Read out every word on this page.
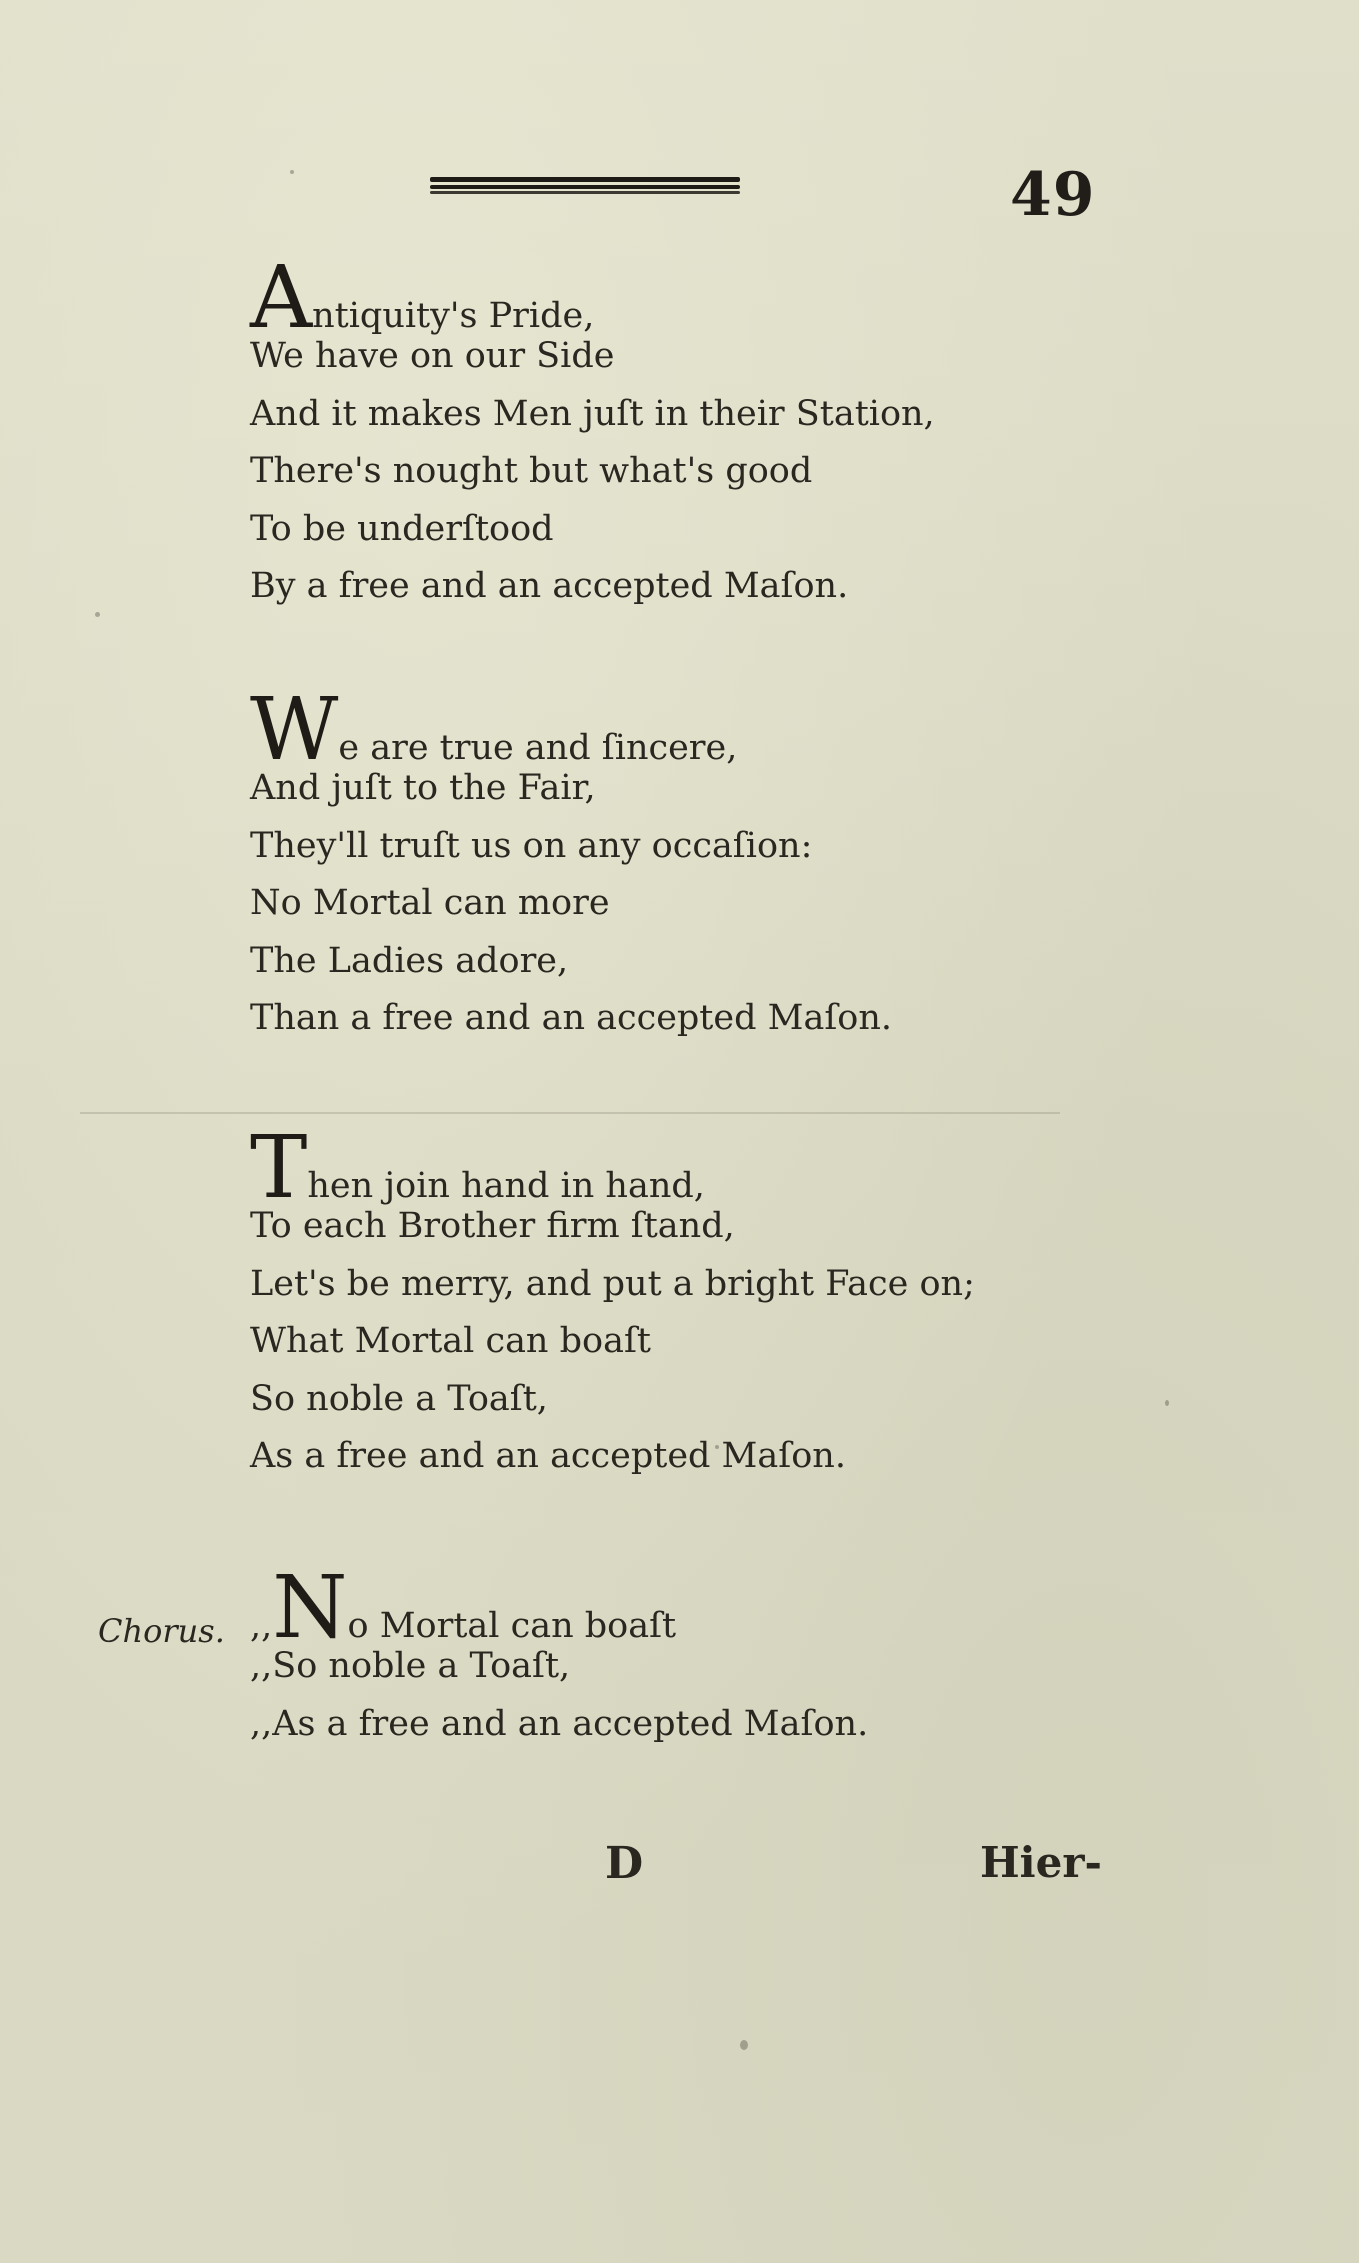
49
Antiquity's Pride,
We have on our Side
And it makes Men juſt in their Station,
There's nought but what's good
To be underſtood
By a free and an accepted Maſon.
We are true and ſincere,
And juſt to the Fair,
They'll truſt us on any occaſion:
No Mortal can more
The Ladies adore,
Than a free and an accepted Maſon.
Then join hand in hand,
To each Brother firm ſtand,
Let's be merry, and put a bright Face on;
What Mortal can boaſt
So noble a Toaſt,
As a free and an accepted Maſon.
Chorus. ,,No Mortal can boaſt
,,So noble a Toaſt,
,,As a free and an accepted Maſon.
D	Hier-
